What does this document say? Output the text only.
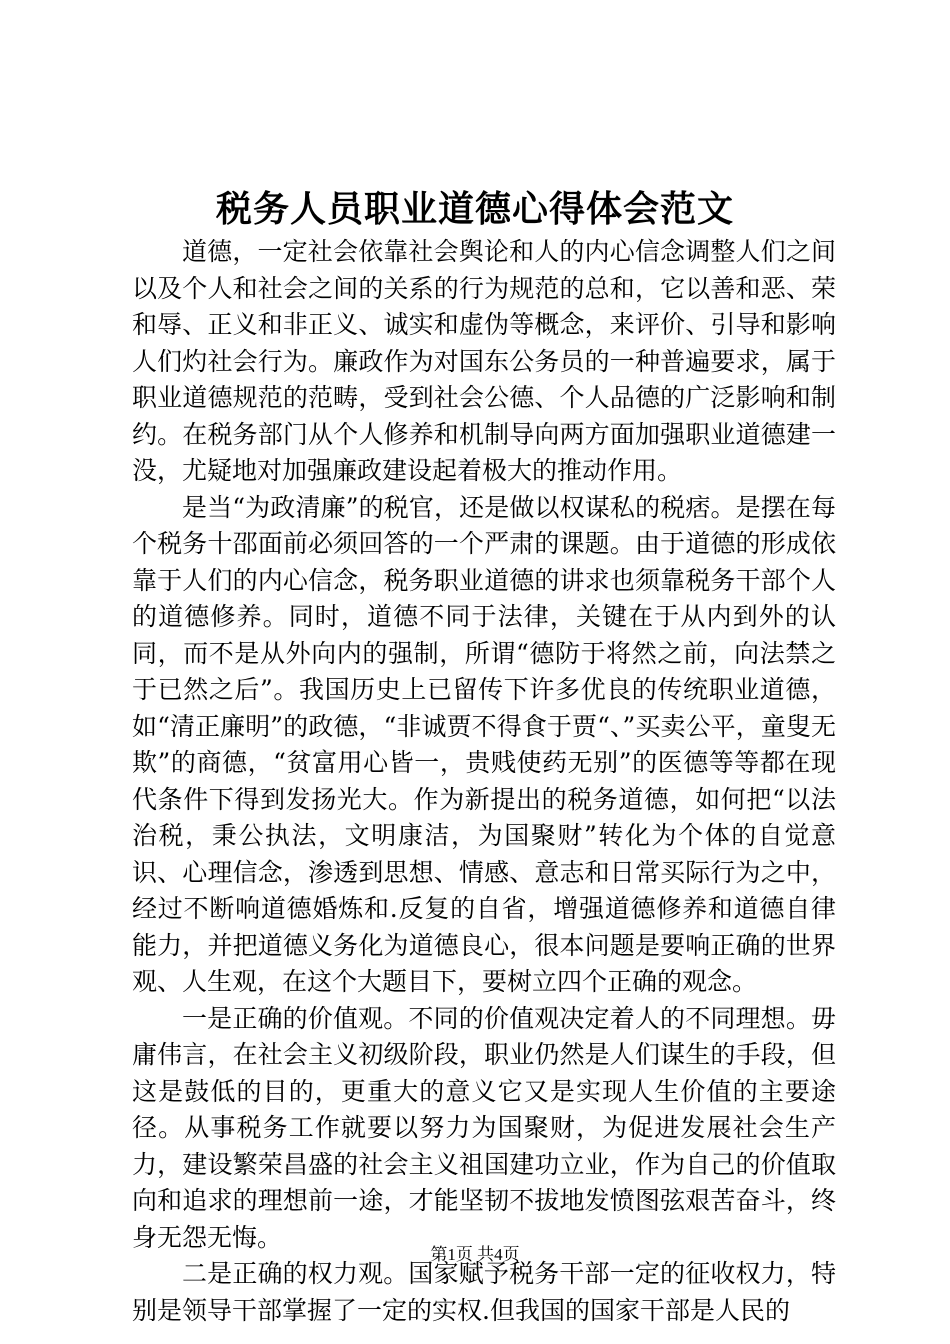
税务人员职业道德心得体会范文

道德，一定社会依靠社会舆论和人的内心信念调整人们之间以及个人和社会之间的关系的行为规范的总和，它以善和恶、荣和辱、正义和非正义、诚实和虚伪等概念，来评价、引导和影响人们灼社会行为。廉政作为对国东公务员的一种普遍要求，属于职业道德规范的范畴，受到社会公德、个人品德的广泛影响和制约。在税务部门从个人修养和机制导向两方面加强职业道德建一没，尤疑地对加强廉政建设起着极大的推动作用。

是当“为政清廉”的税官，还是做以权谋私的税痞。是摆在每个税务十邵面前必须回答的一个严肃的课题。由于道德的形成依靠于人们的内心信念，税务职业道德的讲求也须靠税务干部个人的道德修养。同时，道德不同于法律，关键在于从内到外的认同，而不是从外向内的强制，所谓“德防于将然之前，向法禁之于已然之后”。我国历史上已留传下许多优良的传统职业道德，如“清正廉明”的政德，“非诚贾不得食于贾“、”买卖公平，童叟无欺”的商德，“贫富用心皆一，贵贱使药无别”的医德等等都在现代条件下得到发扬光大。作为新提出的税务道德，如何把“以法治税，秉公执法，文明康洁，为国聚财”转化为个体的自觉意识、心理信念，渗透到思想、情感、意志和日常买际行为之中，经过不断响道德婚炼和.反复的自省，增强道德修养和道德自律能力，并把道德义务化为道德良心，很本问题是要响正确的世界观、人生观，在这个大题目下，要树立四个正确的观念。

一是正确的价值观。不同的价值观决定着人的不同理想。毋庸伟言，在社会主义初级阶段，职业仍然是人们谋生的手段，但这是鼓低的目的，更重大的意义它又是实现人生价值的主要途径。从事税务工作就要以努力为国聚财，为促进发展社会生产力，建设繁荣昌盛的社会主义祖国建功立业，作为自己的价值取向和追求的理想前一途，才能坚韧不拔地发愤图弦艰苦奋斗，终身无怨无悔。

二是正确的权力观。国家赋予税务干部一定的征收权力，特别是领导干部掌握了一定的实权.但我国的国家干部是人民的

第1页 共4页
